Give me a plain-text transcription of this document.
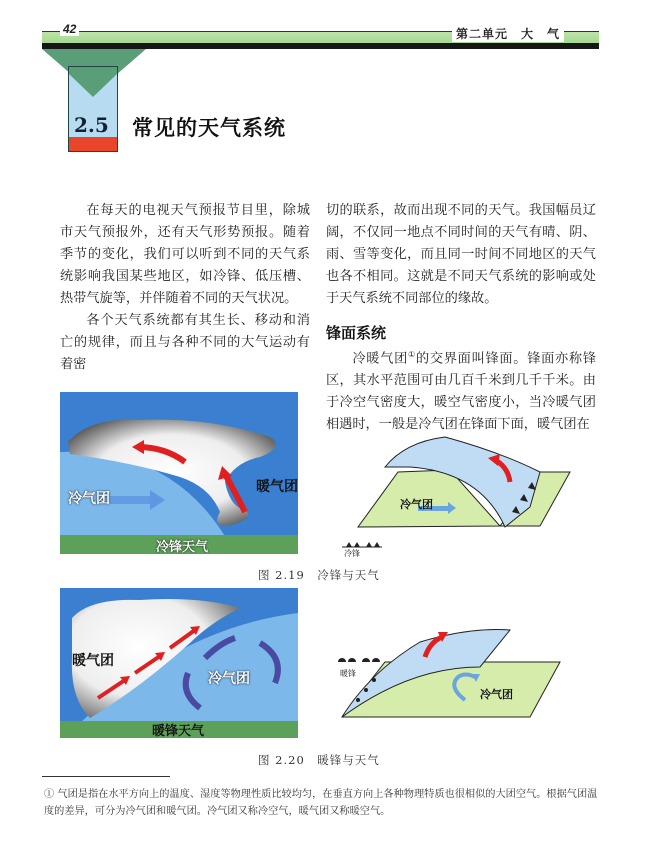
42	第二单元　大　气
2.5 常见的天气系统

在每天的电视天气预报节目里，除城市天气预报外，还有天气形势预报。随着季节的变化，我们可以听到不同的天气系统影响我国某些地区，如冷锋、低压槽、热带气旋等，并伴随着不同的天气状况。

各个天气系统都有其生长、移动和消亡的规律，而且与各种不同的大气运动有着密

切的联系，故而出现不同的天气。我国幅员辽阔，不仅同一地点不同时间的天气有晴、阴、雨、雪等变化，而且同一时间不同地区的天气也各不相同。这就是不同天气系统的影响或处于天气系统不同部位的缘故。

锋面系统

冷暖气团①的交界面叫锋面。锋面亦称锋区，其水平范围可由几百千米到几千千米。由于冷空气密度大，暖空气密度小，当冷暖气团相遇时，一般是冷气团在锋面下面，暖气团在

冷气团
暖气团
冷锋天气
冷气团
冷锋
图 2.19　冷锋与天气
暖气团
冷气团
暖锋天气
冷气团
暖锋
图 2.20　暖锋与天气
① 气团是指在水平方向上的温度、湿度等物理性质比较均匀，在垂直方向上各种物理特质也很相似的大团空气。根据气团温度的差异，可分为冷气团和暖气团。冷气团又称冷空气，暖气团又称暖空气。
